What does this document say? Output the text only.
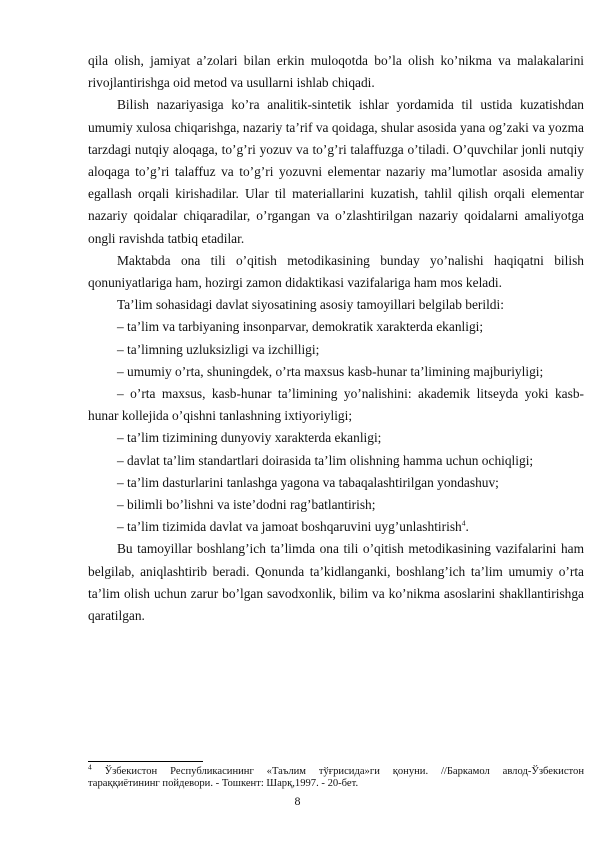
qila olish, jamiyat a’zolari bilan erkin muloqotda bo’la olish ko’nikma va malakalarini rivojlantirishga oid metod va usullarni ishlab chiqadi.

Bilish nazariyasiga ko’ra analitik-sintetik ishlar yordamida til ustida kuzatishdan umumiy xulosa chiqarishga, nazariy ta’rif va qoidaga, shular asosida yana og’zaki va yozma tarzdagi nutqiy aloqaga, to’g’ri yozuv va to’g’ri talaffuzga o’tiladi. O’quvchilar jonli nutqiy aloqaga to’g’ri talaffuz va to’g’ri yozuvni elementar nazariy ma’lumotlar asosida amaliy egallash orqali kirishadilar. Ular til materiallarini kuzatish, tahlil qilish orqali elementar nazariy qoidalar chiqaradilar, o’rgangan va o’zlashtirilgan nazariy qoidalarni amaliyotga ongli ravishda tatbiq etadilar.

Maktabda ona tili o’qitish metodikasining bunday yo’nalishi haqiqatni bilish qonuniyatlariga ham, hozirgi zamon didaktikasi vazifalariga ham mos keladi.

Ta’lim sohasidagi davlat siyosatining asosiy tamoyillari belgilab berildi:

– ta’lim va tarbiyaning insonparvar, demokratik xarakterda ekanligi;

– ta’limning uzluksizligi va izchilligi;

– umumiy o’rta, shuningdek, o’rta maxsus kasb-hunar ta’limining majburiyligi;

– o’rta maxsus, kasb-hunar ta’limining yo’nalishini: akademik litseyda yoki kasb-hunar kollejida o’qishni tanlashning ixtiyoriyligi;

– ta’lim tizimining dunyoviy xarakterda ekanligi;

– davlat ta’lim standartlari doirasida ta’lim olishning hamma uchun ochiqligi;

– ta’lim dasturlarini tanlashga yagona va tabaqalashtirilgan yondashuv;

– bilimli bo’lishni va iste’dodni rag’batlantirish;

– ta’lim tizimida davlat va jamoat boshqaruvini uyg’unlashtirish$^4$.

Bu tamoyillar boshlang’ich ta’limda ona tili o’qitish metodikasining vazifalarini ham belgilab, aniqlashtirib beradi. Qonunda ta’kidlanganki, boshlang’ich ta’lim umumiy o’rta ta’lim olish uchun zarur bo’lgan savodxonlik, bilim va ko’nikma asoslarini shakllantirishga qaratilgan.

$^4$ Ўзбекистон Республикасининг «Таълим тўғрисида»ги қонуни. //Баркамол авлод-Ўзбекистон тараққиётининг пойдевори. - Тошкент: Шарқ,1997. - 20-бет.
8
